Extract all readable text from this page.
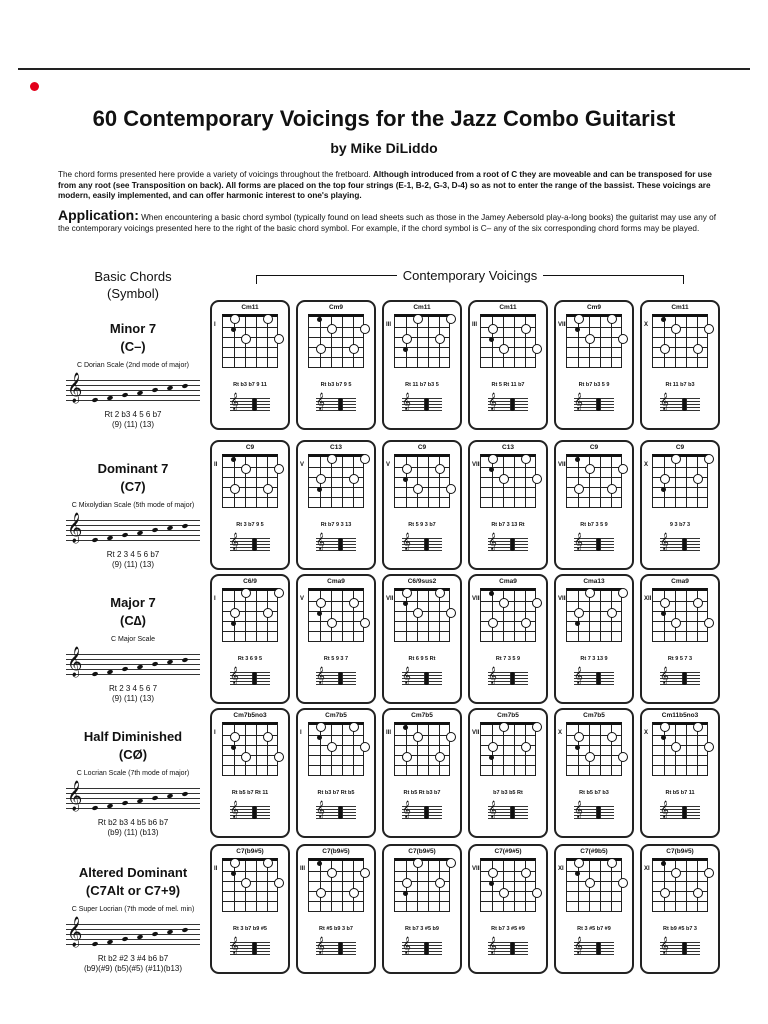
60 Contemporary Voicings for the Jazz Combo Guitarist
by Mike DiLiddo
The chord forms presented here provide a variety of voicings throughout the fretboard. Although introduced from a root of C they are moveable and can be transposed for use from any root (see Transposition on back). All forms are placed on the top four strings (E-1, B-2, G-3, D-4) so as not to enter the range of the bassist. These voicings are modern, easily implemented, and can offer harmonic interest to one's playing.
Application: When encountering a basic chord symbol (typically found on lead sheets such as those in the Jamey Aebersold play-a-long books) the guitarist may use any of the contemporary voicings presented here to the right of the basic chord symbol. For example, if the chord symbol is C– any of the six corresponding chord forms may be played.
Basic Chords
(Symbol)
Contemporary Voicings
Minor 7
(C–)
C Dorian Scale (2nd mode of major)
𝄞
Rt 2 b3 4 5 6 b7
(9) (11) (13)
Cm11
I
Rt b3 b7 9 11
𝄞
Cm9
Rt b3 b7 9 5
𝄞
Cm11
III
Rt 11 b7 b3 5
𝄞
Cm11
III
Rt 5 Rt 11 b7
𝄞
Cm9
VIII
Rt b7 b3 5 9
𝄞
Cm11
X
Rt 11 b7 b3
𝄞
Dominant 7
(C7)
C Mixolydian Scale (5th mode of major)
𝄞
Rt 2 3 4 5 6 b7
(9) (11) (13)
C9
II
Rt 3 b7 9 5
𝄞
C13
V
Rt b7 9 3 13
𝄞
C9
V
Rt 5 9 3 b7
𝄞
C13
VIII
Rt b7 3 13 Rt
𝄞
C9
VIII
Rt b7 3 5 9
𝄞
C9
X
9 3 b7 3
𝄞
Major 7
(C∆)
C Major Scale
𝄞
Rt 2 3 4 5 6 7
(9) (11) (13)
C6/9
I
Rt 3 6 9 5
𝄞
Cma9
V
Rt 5 9 3 7
𝄞
C6/9sus2
VII
Rt 6 9 5 Rt
𝄞
Cma9
VIII
Rt 7 3 5 9
𝄞
Cma13
VIII
Rt 7 3 13 9
𝄞
Cma9
XII
Rt 9 5 7 3
𝄞
Half Diminished
(CØ)
C Locrian Scale (7th mode of major)
𝄞
Rt b2 b3 4 b5 b6 b7
(b9) (11) (b13)
Cm7b5no3
I
Rt b5 b7 Rt 11
𝄞
Cm7b5
I
Rt b3 b7 Rt b5
𝄞
Cm7b5
III
Rt b5 Rt b3 b7
𝄞
Cm7b5
VII
b7 b3 b5 Rt
𝄞
Cm7b5
X
Rt b5 b7 b3
𝄞
Cm11b5no3
X
Rt b5 b7 11
𝄞
Altered Dominant
(C7Alt or C7+9)
C Super Locrian (7th mode of mel. min)
𝄞
Rt b2 #2 3 #4 b6 b7
(b9)(#9) (b5)(#5) (#11)(b13)
C7(b9#5)
II
Rt 3 b7 b9 #5
𝄞
C7(b9#5)
III
Rt #5 b9 3 b7
𝄞
C7(b9#5)
Rt b7 3 #5 b9
𝄞
C7(#9#5)
VIII
Rt b7 3 #5 #9
𝄞
C7(#9b5)
XI
Rt 3 #5 b7 #9
𝄞
C7(b9#5)
XI
Rt b9 #5 b7 3
𝄞
